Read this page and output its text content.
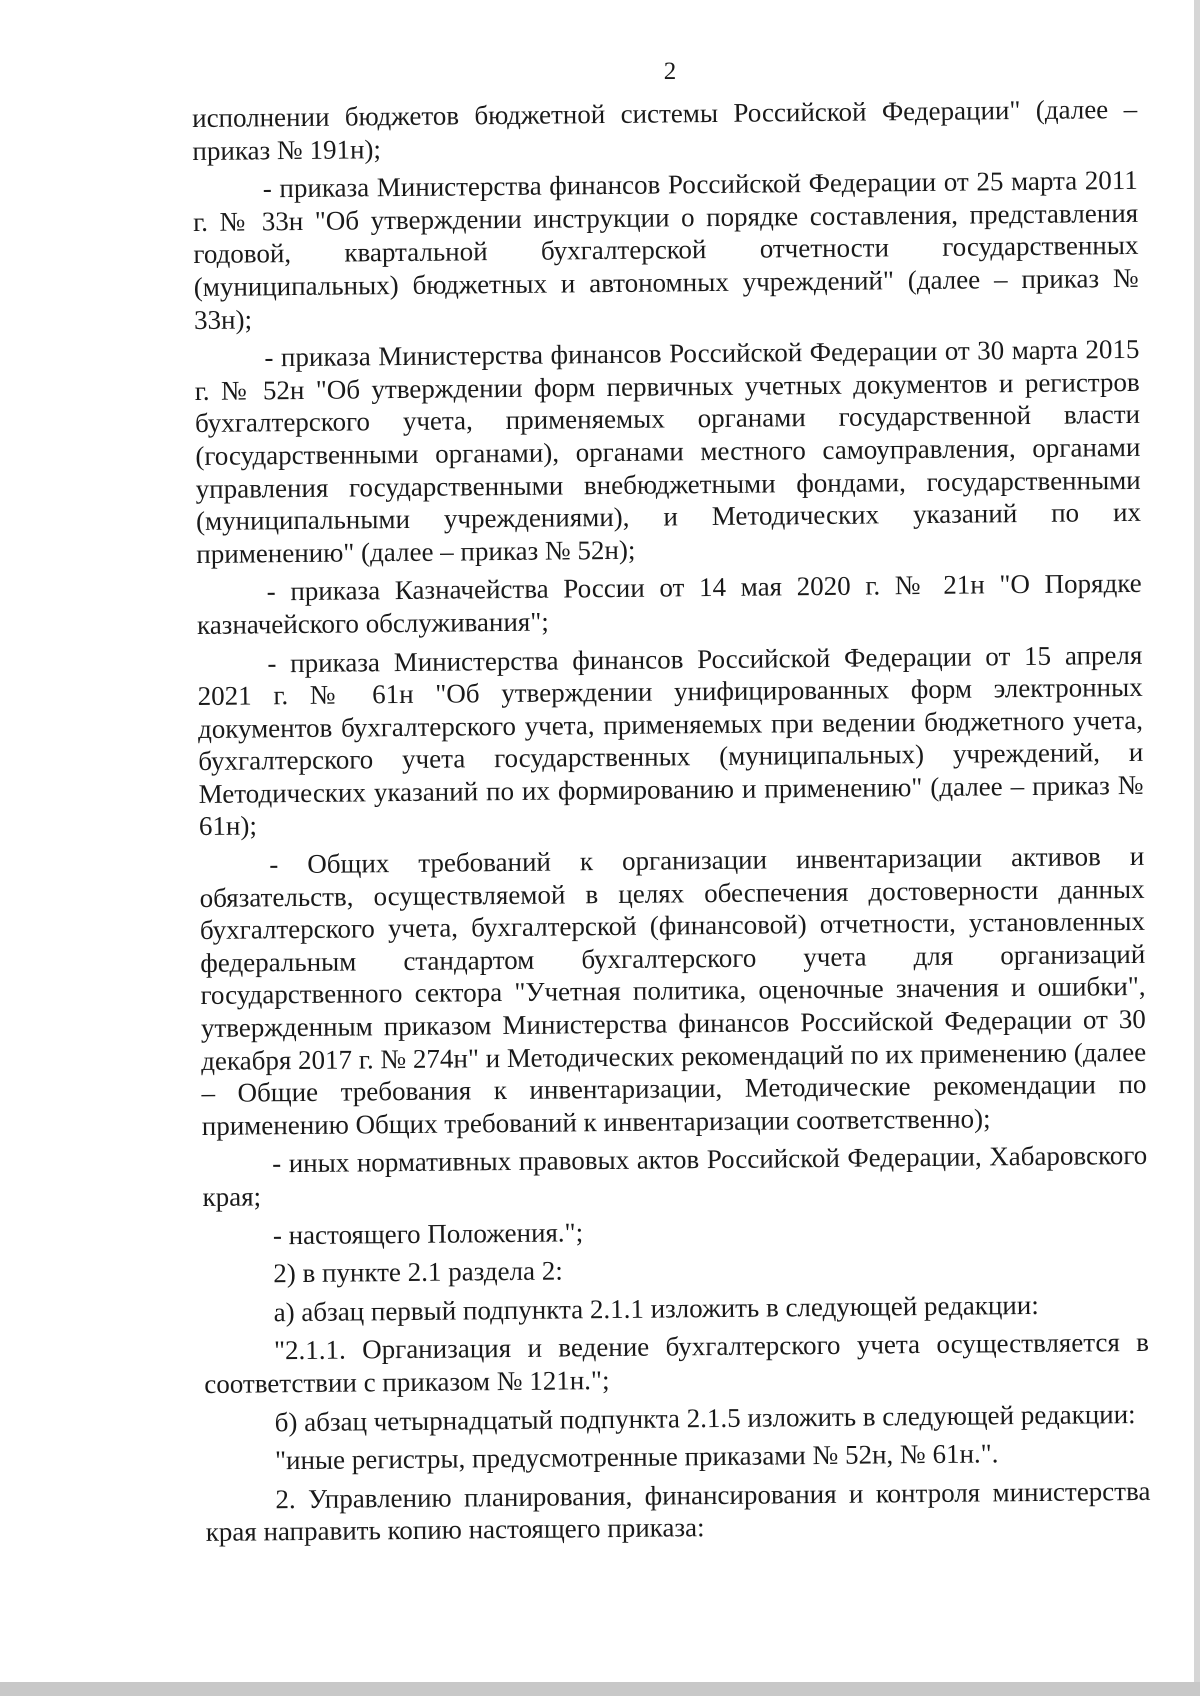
2

исполнении бюджетов бюджетной системы Российской Федерации" (далее – приказ № 191н);

- приказа Министерства финансов Российской Федерации от 25 марта 2011 г. № 33н "Об утверждении инструкции о порядке составления, представления годовой, квартальной бухгалтерской отчетности государственных (муниципальных) бюджетных и автономных учреждений" (далее – приказ № 33н);

- приказа Министерства финансов Российской Федерации от 30 марта 2015 г. № 52н "Об утверждении форм первичных учетных документов и регистров бухгалтерского учета, применяемых органами государственной власти (государственными органами), органами местного самоуправления, органами управления государственными внебюджетными фондами, государственными (муниципальными учреждениями), и Методических указаний по их применению" (далее – приказ № 52н);

- приказа Казначейства России от 14 мая 2020 г. № 21н "О Порядке казначейского обслуживания";

- приказа Министерства финансов Российской Федерации от 15 апреля 2021 г. № 61н "Об утверждении унифицированных форм электронных документов бухгалтерского учета, применяемых при ведении бюджетного учета, бухгалтерского учета государственных (муниципальных) учреждений, и Методических указаний по их формированию и применению" (далее – приказ № 61н);

- Общих требований к организации инвентаризации активов и обязательств, осуществляемой в целях обеспечения достоверности данных бухгалтерского учета, бухгалтерской (финансовой) отчетности, установленных федеральным стандартом бухгалтерского учета для организаций государственного сектора "Учетная политика, оценочные значения и ошибки", утвержденным приказом Министерства финансов Российской Федерации от 30 декабря 2017 г. № 274н" и Методических рекомендаций по их применению (далее – Общие требования к инвентаризации, Методические рекомендации по применению Общих требований к инвентаризации соответственно);

- иных нормативных правовых актов Российской Федерации, Хабаровского края;

- настоящего Положения.";

2) в пункте 2.1 раздела 2:

а) абзац первый подпункта 2.1.1 изложить в следующей редакции:

"2.1.1. Организация и ведение бухгалтерского учета осуществляется в соответствии с приказом № 121н.";

б) абзац четырнадцатый подпункта 2.1.5 изложить в следующей редакции:

"иные регистры, предусмотренные приказами № 52н, № 61н.".

2. Управлению планирования, финансирования и контроля министерства края направить копию настоящего приказа:
